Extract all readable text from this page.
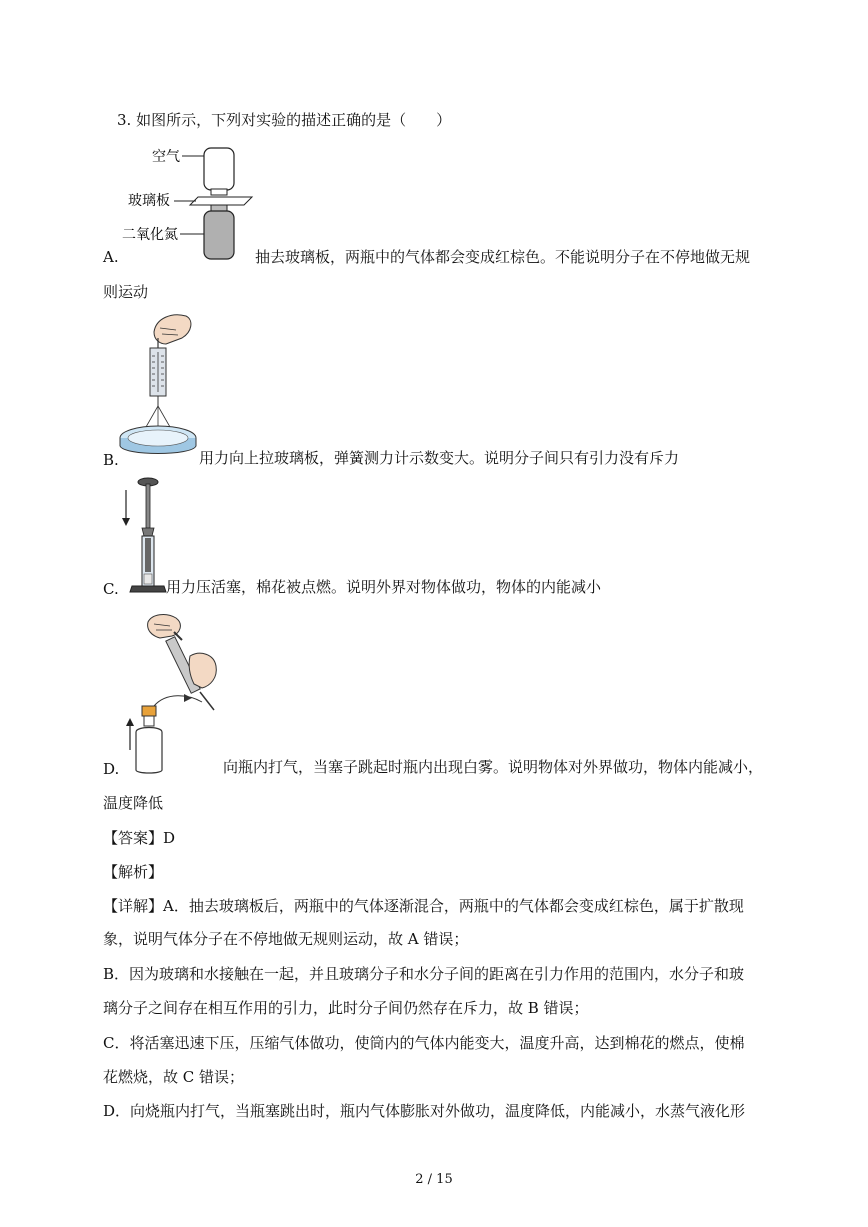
3. 如图所示，下列对实验的描述正确的是（　　）
空气
玻璃板
二氧化氮
A.	抽去玻璃板，两瓶中的气体都会变成红棕色。不能说明分子在不停地做无规
则运动
B.	用力向上拉玻璃板，弹簧测力计示数变大。说明分子间只有引力没有斥力
C.	用力压活塞，棉花被点燃。说明外界对物体做功，物体的内能减小
D.	向瓶内打气，当塞子跳起时瓶内出现白雾。说明物体对外界做功，物体内能减小，
温度降低
【答案】D
【解析】
【详解】A．抽去玻璃板后，两瓶中的气体逐渐混合，两瓶中的气体都会变成红棕色，属于扩散现
象，说明气体分子在不停地做无规则运动，故 A 错误；
B．因为玻璃和水接触在一起，并且玻璃分子和水分子间的距离在引力作用的范围内，水分子和玻
璃分子之间存在相互作用的引力，此时分子间仍然存在斥力，故 B 错误；
C．将活塞迅速下压，压缩气体做功，使筒内的气体内能变大，温度升高，达到棉花的燃点，使棉
花燃烧，故 C 错误；
D．向烧瓶内打气，当瓶塞跳出时，瓶内气体膨胀对外做功，温度降低，内能减小，水蒸气液化形
2 / 15
